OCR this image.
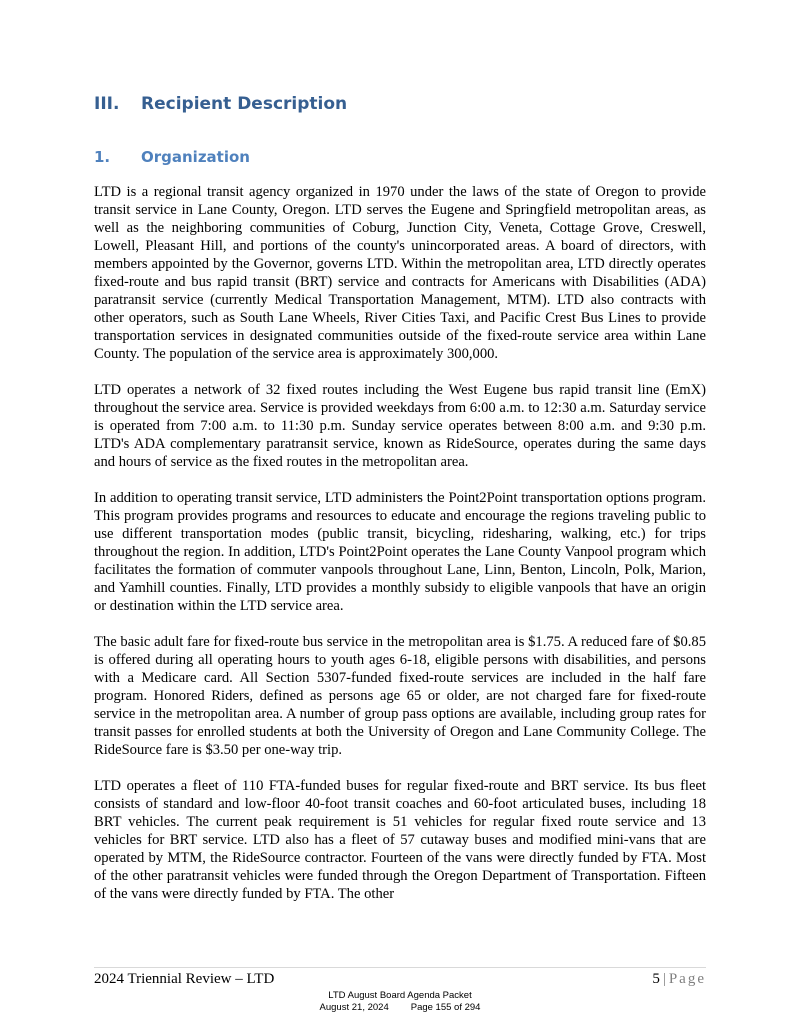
III. Recipient Description
1. Organization

LTD is a regional transit agency organized in 1970 under the laws of the state of Oregon to provide transit service in Lane County, Oregon. LTD serves the Eugene and Springfield metropolitan areas, as well as the neighboring communities of Coburg, Junction City, Veneta, Cottage Grove, Creswell, Lowell, Pleasant Hill, and portions of the county's unincorporated areas. A board of directors, with members appointed by the Governor, governs LTD. Within the metropolitan area, LTD directly operates fixed-route and bus rapid transit (BRT) service and contracts for Americans with Disabilities (ADA) paratransit service (currently Medical Transportation Management, MTM). LTD also contracts with other operators, such as South Lane Wheels, River Cities Taxi, and Pacific Crest Bus Lines to provide transportation services in designated communities outside of the fixed-route service area within Lane County. The population of the service area is approximately 300,000.

LTD operates a network of 32 fixed routes including the West Eugene bus rapid transit line (EmX) throughout the service area. Service is provided weekdays from 6:00 a.m. to 12:30 a.m. Saturday service is operated from 7:00 a.m. to 11:30 p.m. Sunday service operates between 8:00 a.m. and 9:30 p.m. LTD's ADA complementary paratransit service, known as RideSource, operates during the same days and hours of service as the fixed routes in the metropolitan area.

In addition to operating transit service, LTD administers the Point2Point transportation options program. This program provides programs and resources to educate and encourage the regions traveling public to use different transportation modes (public transit, bicycling, ridesharing, walking, etc.) for trips throughout the region. In addition, LTD's Point2Point operates the Lane County Vanpool program which facilitates the formation of commuter vanpools throughout Lane, Linn, Benton, Lincoln, Polk, Marion, and Yamhill counties. Finally, LTD provides a monthly subsidy to eligible vanpools that have an origin or destination within the LTD service area.

The basic adult fare for fixed-route bus service in the metropolitan area is $1.75. A reduced fare of $0.85 is offered during all operating hours to youth ages 6-18, eligible persons with disabilities, and persons with a Medicare card. All Section 5307-funded fixed-route services are included in the half fare program. Honored Riders, defined as persons age 65 or older, are not charged fare for fixed-route service in the metropolitan area. A number of group pass options are available, including group rates for transit passes for enrolled students at both the University of Oregon and Lane Community College. The RideSource fare is $3.50 per one-way trip.

LTD operates a fleet of 110 FTA-funded buses for regular fixed-route and BRT service. Its bus fleet consists of standard and low-floor 40-foot transit coaches and 60-foot articulated buses, including 18 BRT vehicles. The current peak requirement is 51 vehicles for regular fixed route service and 13 vehicles for BRT service. LTD also has a fleet of 57 cutaway buses and modified mini-vans that are operated by MTM, the RideSource contractor. Fourteen of the vans were directly funded by FTA. Most of the other paratransit vehicles were funded through the Oregon Department of Transportation. Fifteen of the vans were directly funded by FTA. The other

2024 Triennial Review – LTD	5 | Page
LTD August Board Agenda Packet
August 21, 2024 Page 155 of 294
